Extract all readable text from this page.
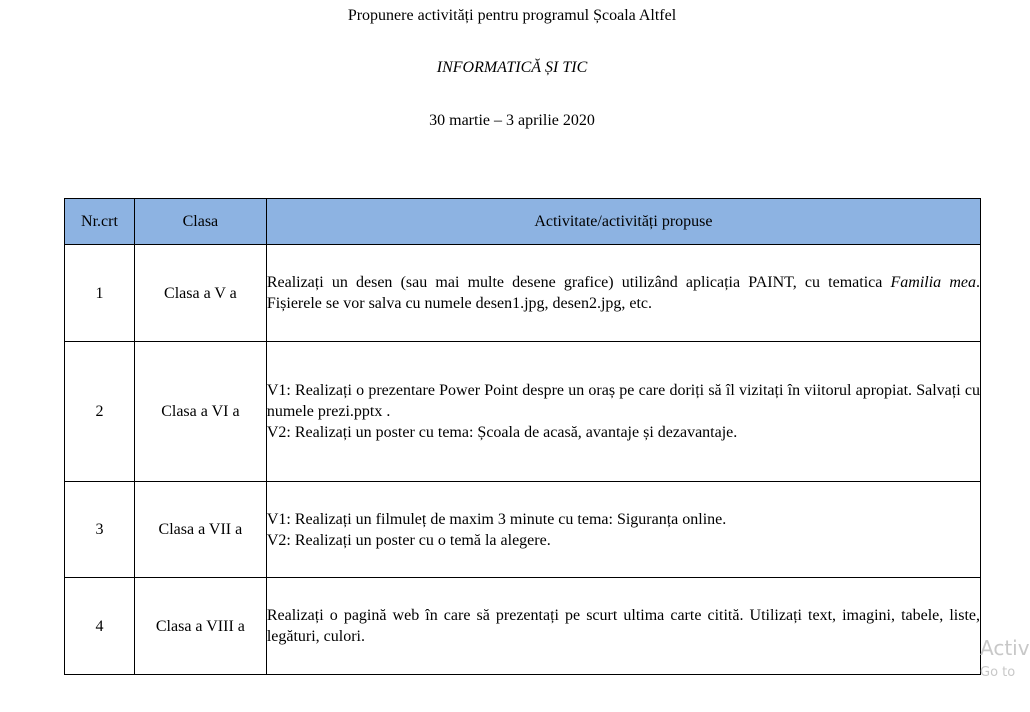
Propunere activități pentru programul Școala Altfel
INFORMATICĂ ȘI TIC
30 martie – 3 aprilie 2020
Nr.crt	Clasa	Activitate/activități propuse
1	Clasa a V a	Realizați un desen (sau mai multe desene grafice) utilizând aplicația PAINT, cu tematica Familia mea. Fișierele se vor salva cu numele desen1.jpg, desen2.jpg, etc.
2	Clasa a VI a	V1: Realizați o prezentare Power Point despre un oraș pe care doriți să îl vizitați în viitorul apropiat. Salvați cu numele prezi.pptx .
V2: Realizați un poster cu tema: Școala de acasă, avantaje și dezavantaje.

3	Clasa a VII a	V1: Realizați un filmuleț de maxim 3 minute cu tema: Siguranța online.
V2: Realizați un poster cu o temă la alegere.

4	Clasa a VIII a	Realizați o pagină web în care să prezentați pe scurt ultima carte citită. Utilizați text, imagini, tabele, liste, legături, culori.	Activ
Go to
